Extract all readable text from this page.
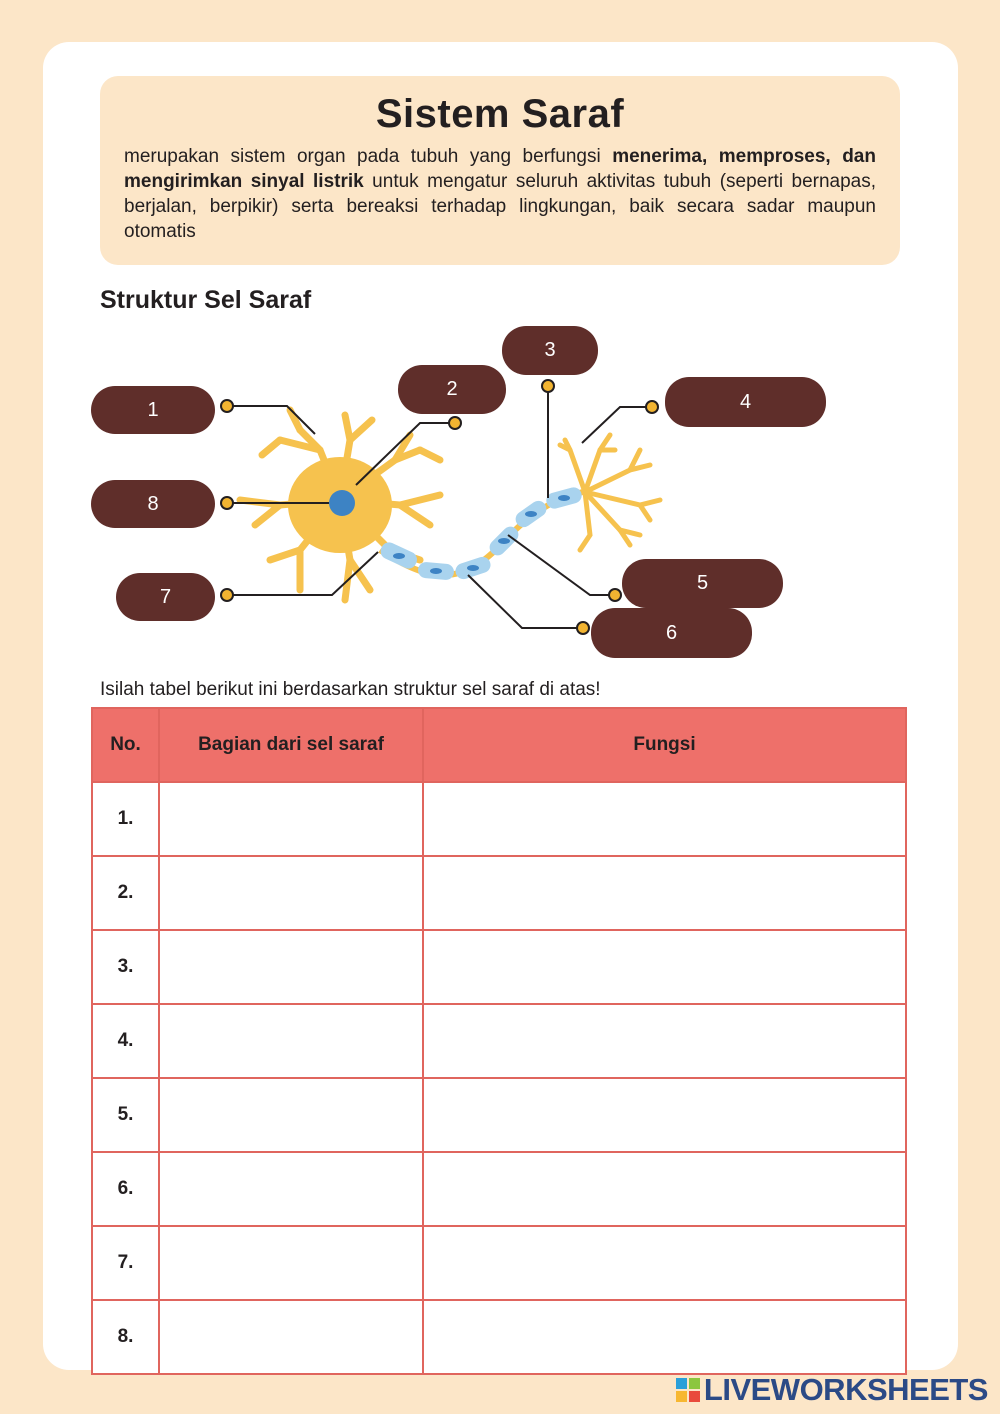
Sistem Saraf

merupakan sistem organ pada tubuh yang berfungsi menerima, memproses, dan mengirimkan sinyal listrik untuk mengatur seluruh aktivitas tubuh (seperti bernapas, berjalan, berpikir) serta bereaksi terhadap lingkungan, baik secara sadar maupun otomatis

Struktur Sel Saraf
1
2
3
4
5
6
7
8

Isilah tabel berikut ini berdasarkan struktur sel saraf di atas!

No.	Bagian dari sel saraf	Fungsi
1.		
2.		
3.		
4.		
5.		
6.		
7.		
8.		
LIVEWORKSHEETS
